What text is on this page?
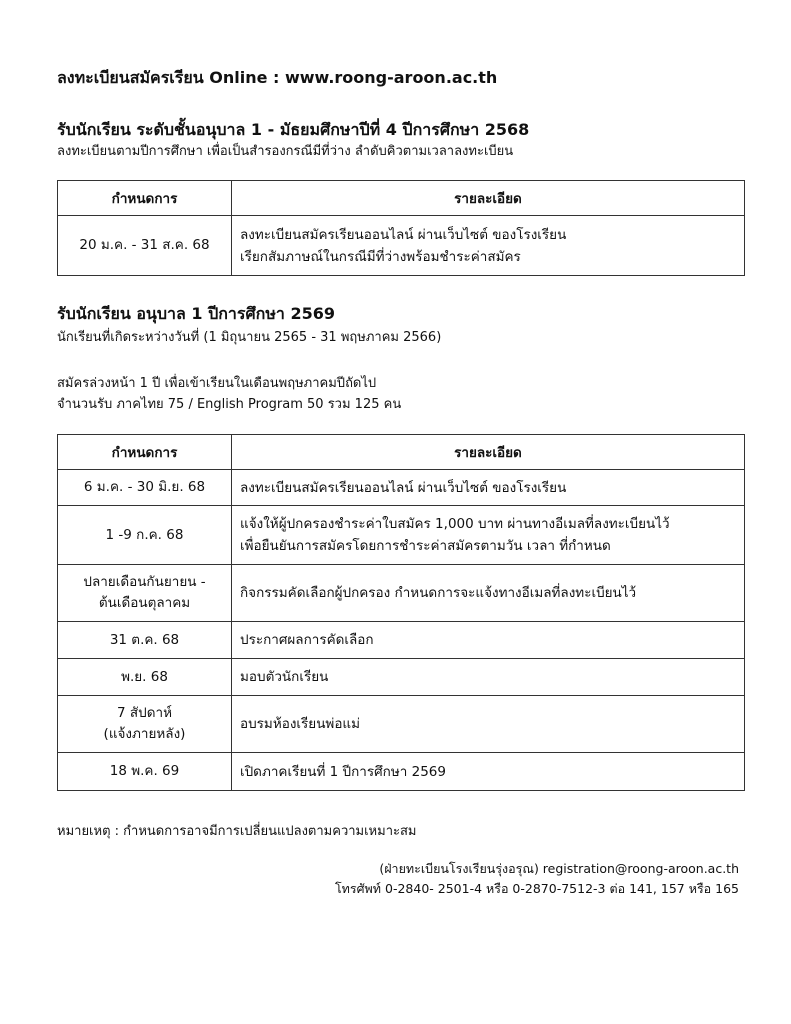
ลงทะเบียนสมัครเรียน Online : www.roong-aroon.ac.th
รับนักเรียน ระดับชั้นอนุบาล 1 - มัธยมศึกษาปีที่ 4 ปีการศึกษา 2568
ลงทะเบียนตามปีการศึกษา เพื่อเป็นสำรองกรณีมีที่ว่าง ลำดับคิวตามเวลาลงทะเบียน
กำหนดการ	รายละเอียด
20 ม.ค. - 31 ส.ค. 68	ลงทะเบียนสมัครเรียนออนไลน์ ผ่านเว็บไซต์ ของโรงเรียน
เรียกสัมภาษณ์ในกรณีมีที่ว่างพร้อมชำระค่าสมัคร
รับนักเรียน อนุบาล 1 ปีการศึกษา 2569
นักเรียนที่เกิดระหว่างวันที่ (1 มิถุนายน 2565 - 31 พฤษภาคม 2566)
สมัครล่วงหน้า 1 ปี เพื่อเข้าเรียนในเดือนพฤษภาคมปีถัดไป
จำนวนรับ ภาคไทย 75 / English Program 50 รวม 125 คน
กำหนดการ	รายละเอียด

6 ม.ค. - 30 มิ.ย. 68	ลงทะเบียนสมัครเรียนออนไลน์ ผ่านเว็บไซต์ ของโรงเรียน

1 -9 ก.ค. 68	แจ้งให้ผู้ปกครองชำระค่าใบสมัคร 1,000 บาท ผ่านทางอีเมลที่ลงทะเบียนไว้
เพื่อยืนยันการสมัครโดยการชำระค่าสมัครตามวัน เวลา ที่กำหนด

ปลายเดือนกันยายน -
ต้นเดือนตุลาคม	กิจกรรมคัดเลือกผู้ปกครอง กำหนดการจะแจ้งทางอีเมลที่ลงทะเบียนไว้

31 ต.ค. 68	ประกาศผลการคัดเลือก

พ.ย. 68	มอบตัวนักเรียน

7 สัปดาห์
(แจ้งภายหลัง)	อบรมห้องเรียนพ่อแม่

18 พ.ค. 69	เปิดภาคเรียนที่ 1 ปีการศึกษา 2569
หมายเหตุ : กำหนดการอาจมีการเปลี่ยนแปลงตามความเหมาะสม
(ฝ่ายทะเบียนโรงเรียนรุ่งอรุณ) registration@roong-aroon.ac.th
โทรศัพท์ 0-2840- 2501-4 หรือ 0-2870-7512-3 ต่อ 141, 157 หรือ 165
